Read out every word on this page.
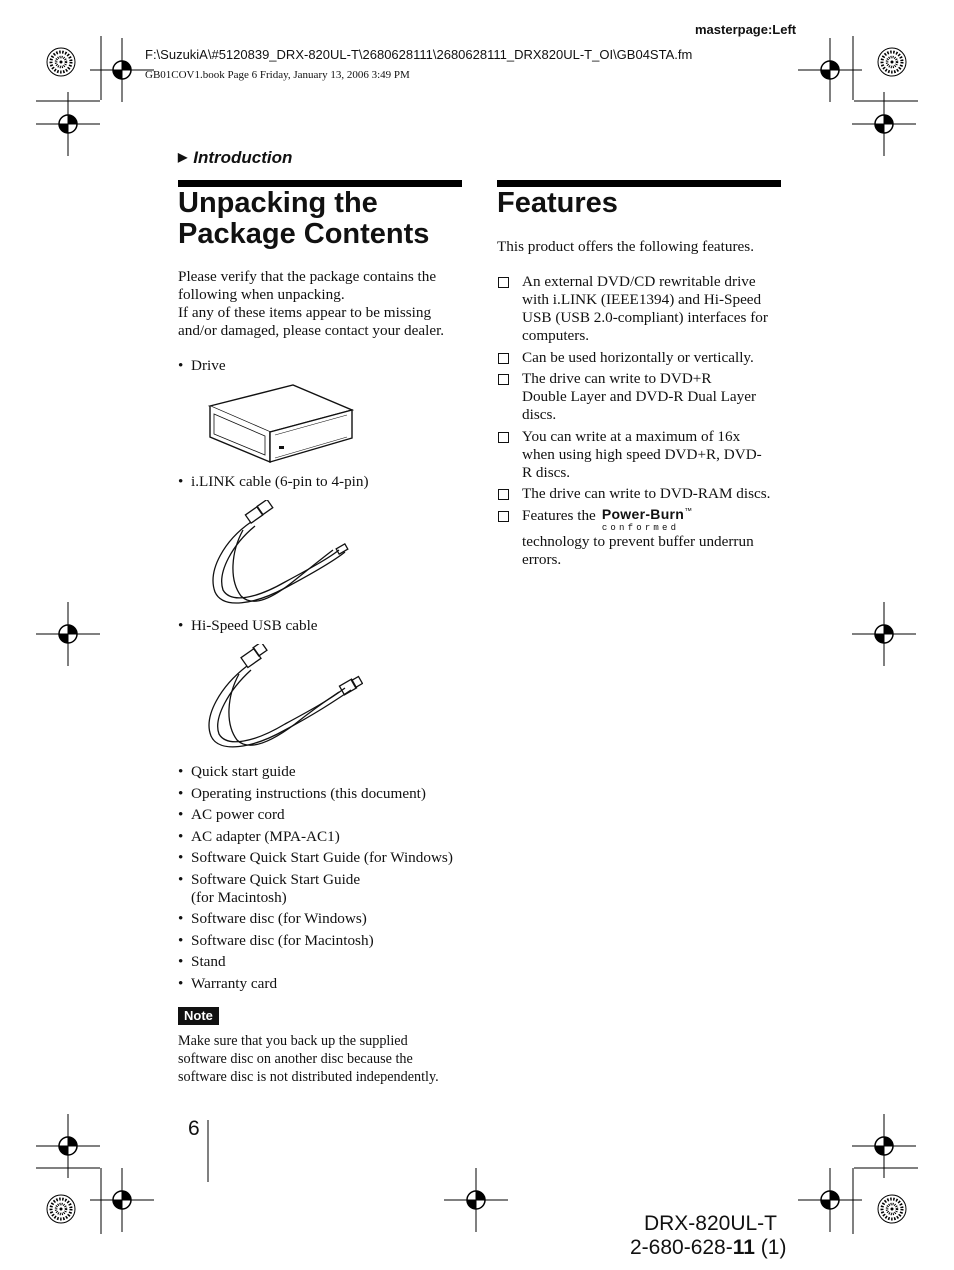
masterpage:Left
F:\SuzukiA\#5120839_DRX-820UL-T\2680628111\2680628111_DRX820UL-T_OI\GB04STA.fm
GB01COV1.book Page 6 Friday, January 13, 2006 3:49 PM
▶ Introduction
Unpacking the
Package Contents
Please verify that the package contains the
following when unpacking.
If any of these items appear to be missing
and/or damaged, please contact your dealer.
• Drive
• i.LINK cable (6-pin to 4-pin)
• Hi-Speed USB cable
• Quick start guide
• Operating instructions (this document)
• AC power cord
• AC adapter (MPA-AC1)
• Software Quick Start Guide (for Windows)
• Software Quick Start Guide
(for Macintosh)
• Software disc (for Windows)
• Software disc (for Macintosh)
• Stand
• Warranty card
Note
Make sure that you back up the supplied
software disc on another disc because the
software disc is not distributed independently.
Features
This product offers the following features.
An external DVD/CD rewritable drive
with i.LINK (IEEE1394) and Hi-Speed
USB (USB 2.0-compliant) interfaces for
computers.
Can be used horizontally or vertically.
The drive can write to DVD+R
Double Layer and DVD-R Dual Layer
discs.
You can write at a maximum of 16x
when using high speed DVD+R, DVD-
R discs.
The drive can write to DVD-RAM discs.
Features the Power-Burn™
conformed
technology to prevent buffer underrun
errors.
6
DRX-820UL-T
2-680-628-11 (1)
